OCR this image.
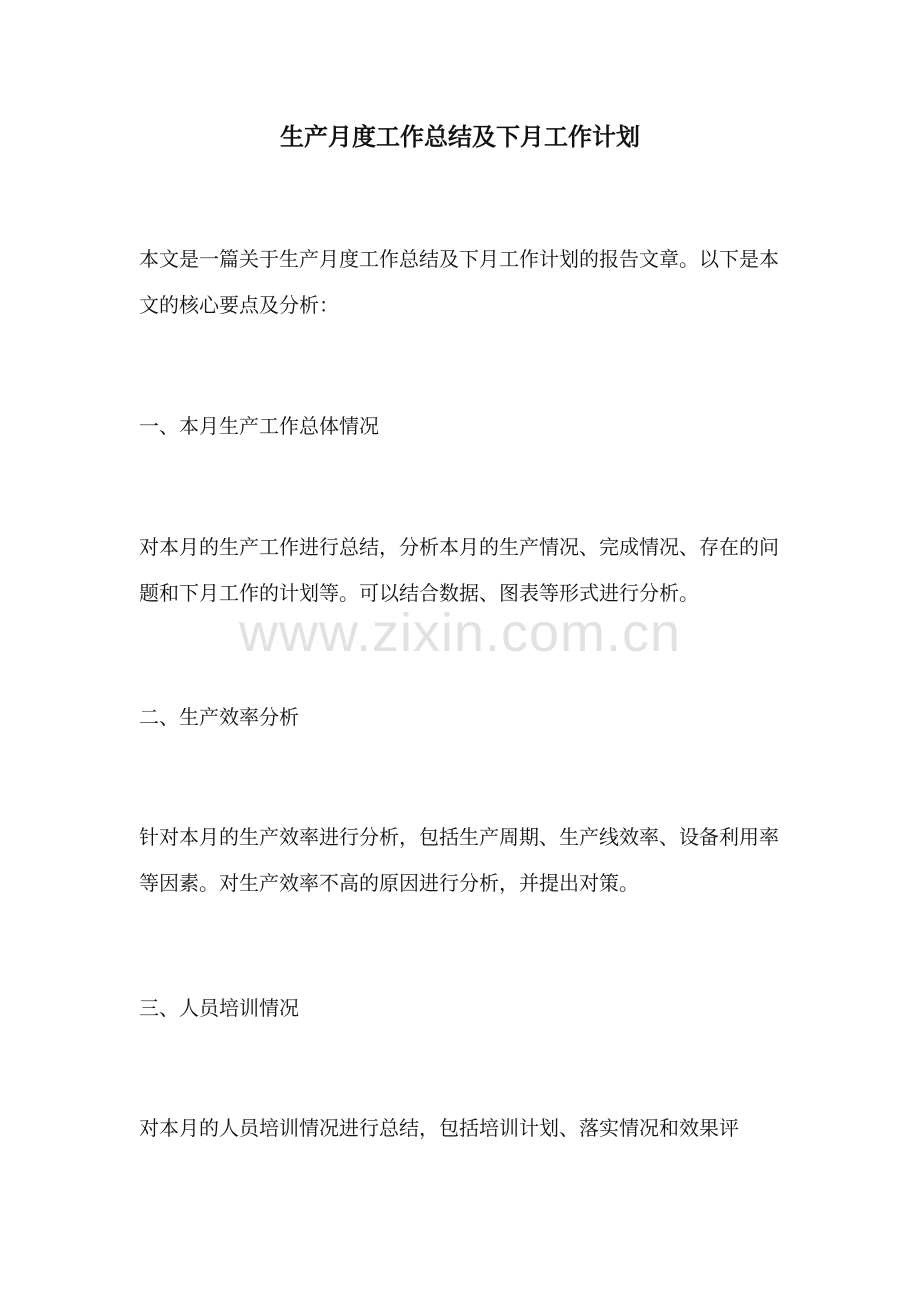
生产月度工作总结及下月工作计划

本文是一篇关于生产月度工作总结及下月工作计划的报告文章。以下是本文的核心要点及分析：

一、本月生产工作总体情况

对本月的生产工作进行总结，分析本月的生产情况、完成情况、存在的问题和下月工作的计划等。可以结合数据、图表等形式进行分析。

www.zixin.com.cn

二、生产效率分析

针对本月的生产效率进行分析，包括生产周期、生产线效率、设备利用率等因素。对生产效率不高的原因进行分析，并提出对策。

三、人员培训情况

对本月的人员培训情况进行总结，包括培训计划、落实情况和效果评
